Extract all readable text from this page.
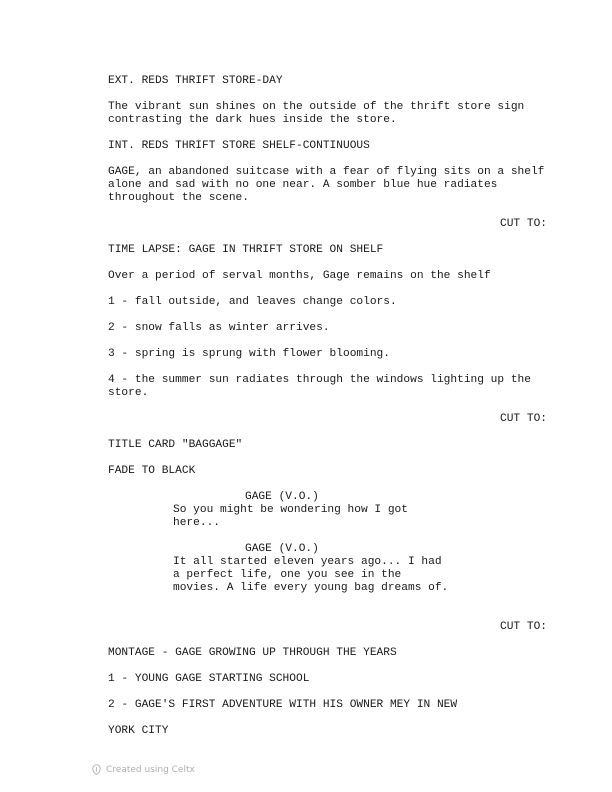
EXT. REDS THRIFT STORE-DAY

The vibrant sun shines on the outside of the thrift store sign contrasting the dark hues inside the store.

INT. REDS THRIFT STORE SHELF-CONTINUOUS

GAGE, an abandoned suitcase with a fear of flying sits on a shelf alone and sad with no one near. A somber blue hue radiates throughout the scene.

CUT TO:

TIME LAPSE: GAGE IN THRIFT STORE ON SHELF

Over a period of serval months, Gage remains on the shelf

1 - fall outside, and leaves change colors.

2 - snow falls as winter arrives.

3 - spring is sprung with flower blooming.

4 - the summer sun radiates through the windows lighting up the store.

CUT TO:

TITLE CARD "BAGGAGE"

FADE TO BLACK

GAGE (V.O.)

So you might be wondering how I got here...

GAGE (V.O.)

It all started eleven years ago... I had a perfect life, one you see in the movies. A life every young bag dreams of.

CUT TO:

MONTAGE - GAGE GROWING UP THROUGH THE YEARS

1 - YOUNG GAGE STARTING SCHOOL

2 - GAGE'S FIRST ADVENTURE WITH HIS OWNER MEY IN NEW

YORK CITY

Created using Celtx
